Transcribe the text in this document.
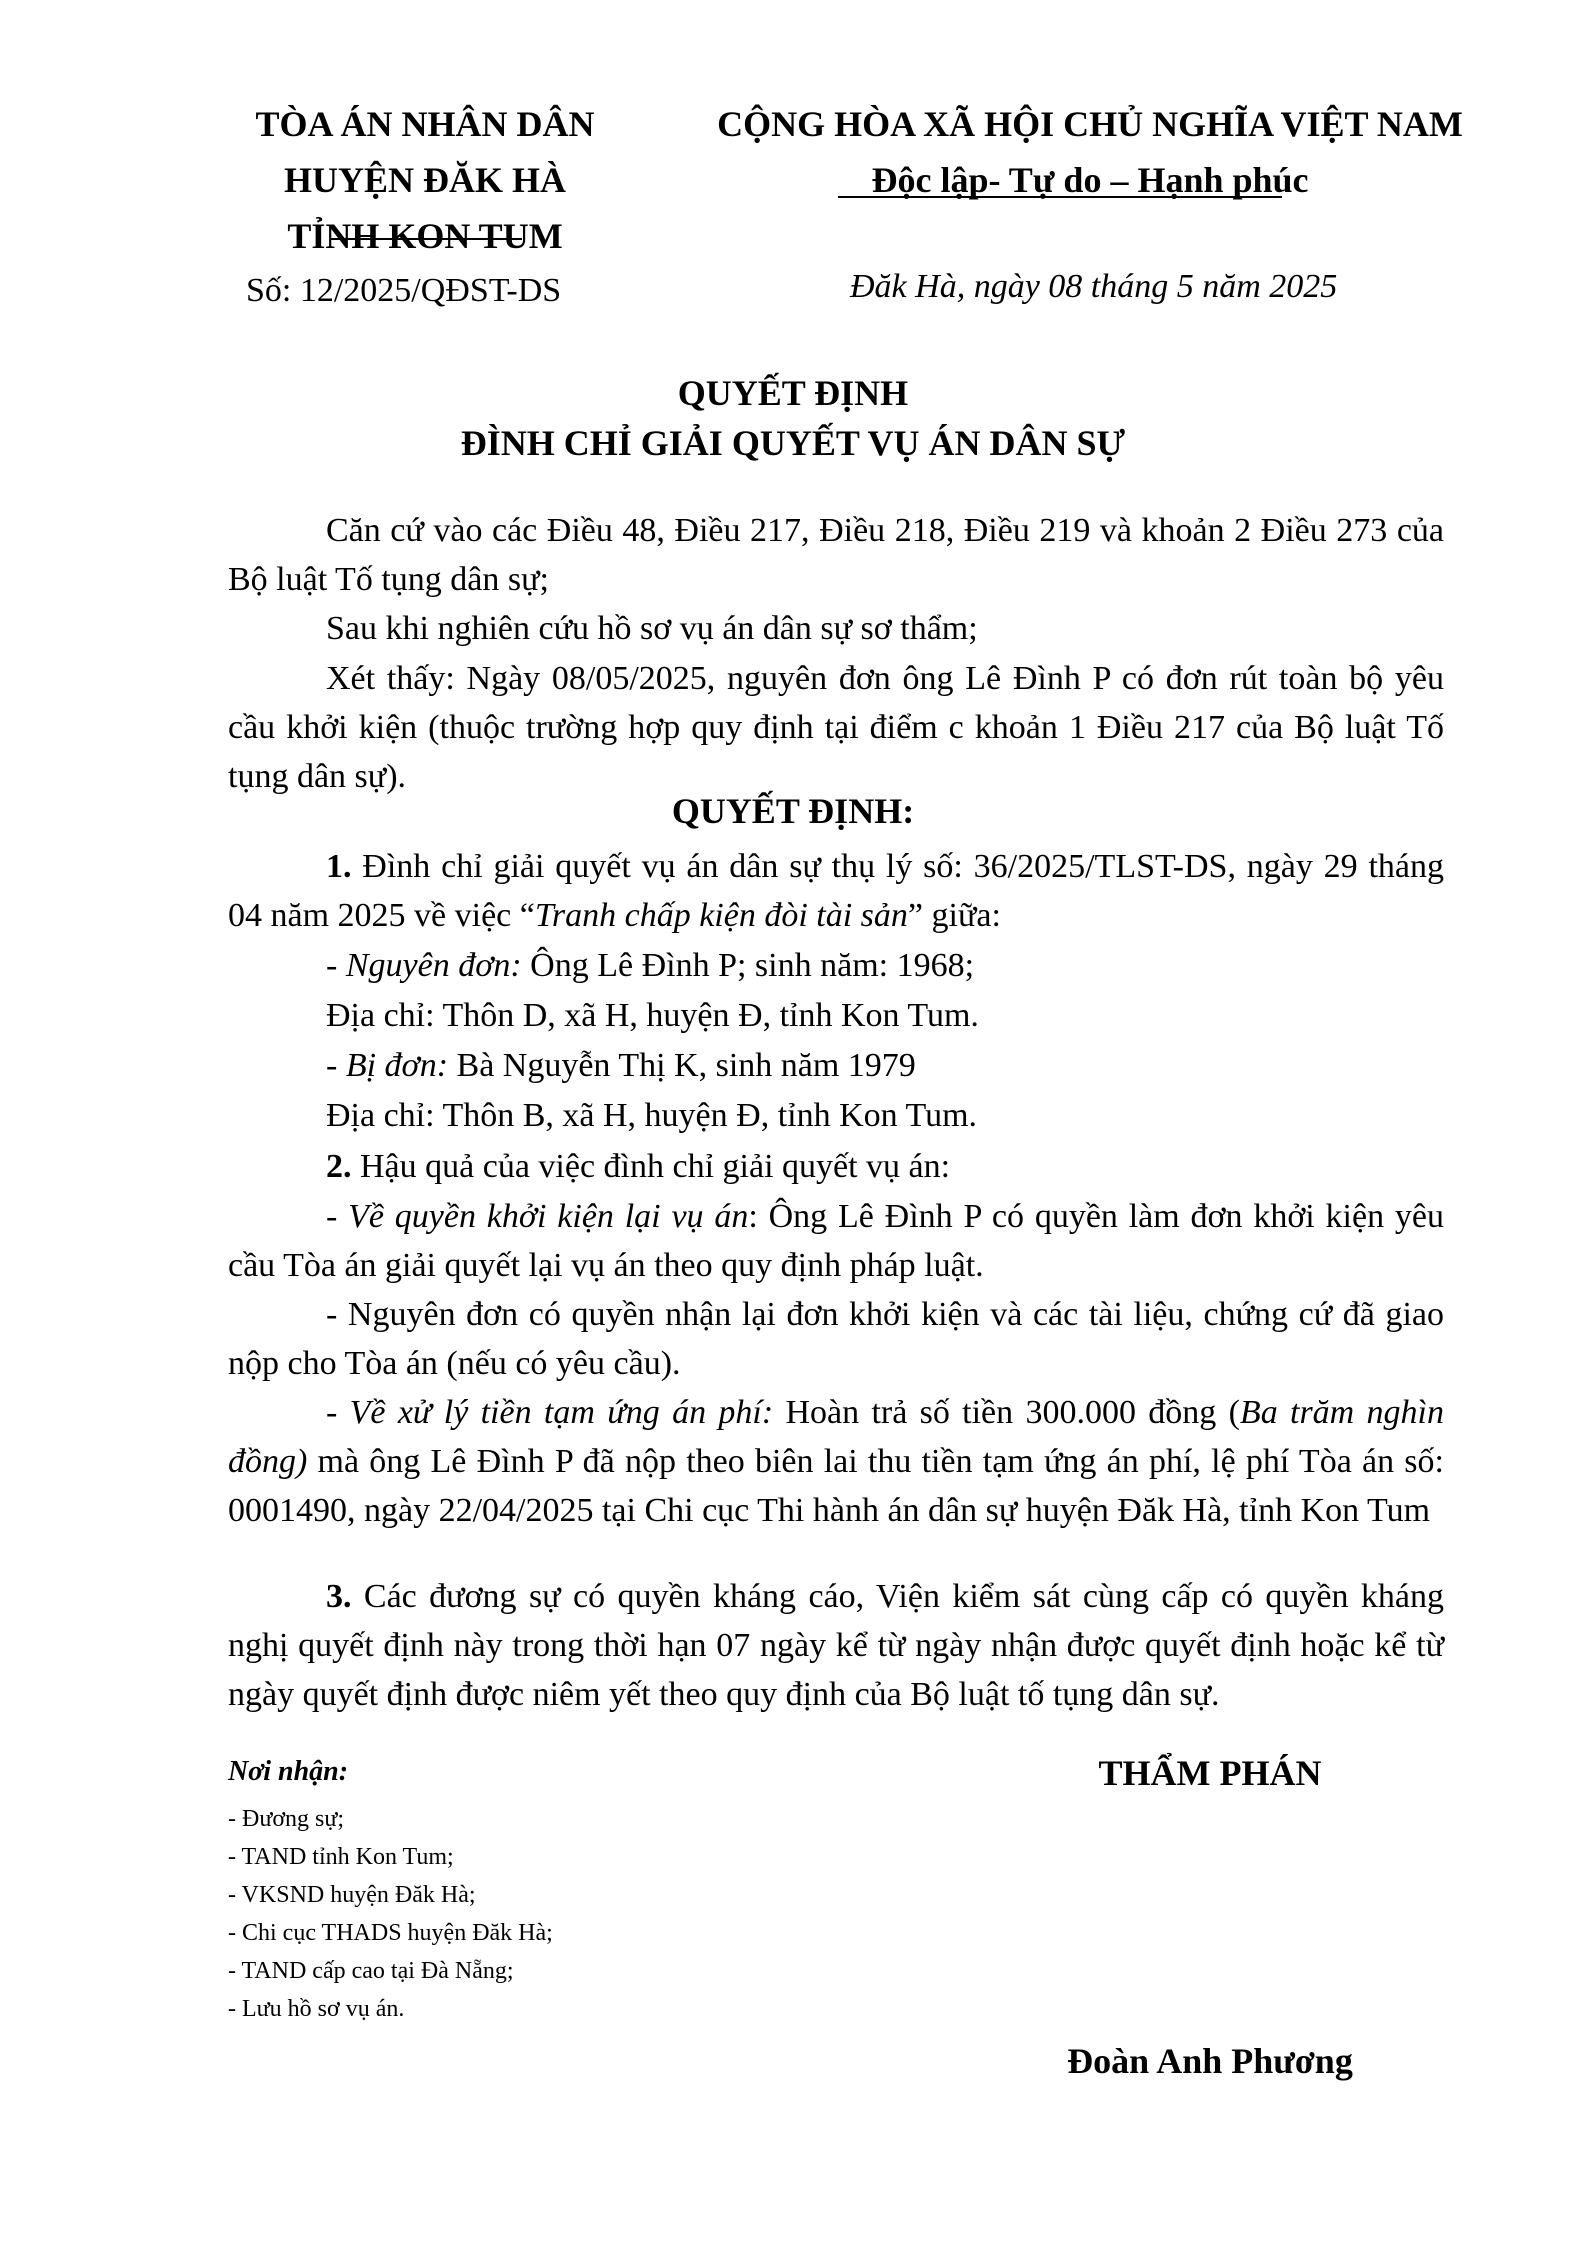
TÒA ÁN NHÂN DÂN
HUYỆN ĐĂK HÀ
TỈNH KON TUM
CỘNG HÒA XÃ HỘI CHỦ NGHĨA VIỆT NAM
Độc lập- Tự do – Hạnh phúc
Số: 12/2025/QĐST-DS	Đăk Hà, ngày 08 tháng 5 năm 2025
QUYẾT ĐỊNH
ĐÌNH CHỈ GIẢI QUYẾT VỤ ÁN DÂN SỰ

Căn cứ vào các Điều 48, Điều 217, Điều 218, Điều 219 và khoản 2 Điều 273 của Bộ luật Tố tụng dân sự;

Sau khi nghiên cứu hồ sơ vụ án dân sự sơ thẩm;

Xét thấy: Ngày 08/05/2025, nguyên đơn ông Lê Đình P có đơn rút toàn bộ yêu cầu khởi kiện (thuộc trường hợp quy định tại điểm c khoản 1 Điều 217 của Bộ luật Tố tụng dân sự).

QUYẾT ĐỊNH:

1. Đình chỉ giải quyết vụ án dân sự thụ lý số: 36/2025/TLST-DS, ngày 29 tháng 04 năm 2025 về việc “Tranh chấp kiện đòi tài sản” giữa:

- Nguyên đơn: Ông Lê Đình P; sinh năm: 1968;

Địa chỉ: Thôn D, xã H, huyện Đ, tỉnh Kon Tum.

- Bị đơn: Bà Nguyễn Thị K, sinh năm 1979

Địa chỉ: Thôn B, xã H, huyện Đ, tỉnh Kon Tum.

2. Hậu quả của việc đình chỉ giải quyết vụ án:

- Về quyền khởi kiện lại vụ án: Ông Lê Đình P có quyền làm đơn khởi kiện yêu cầu Tòa án giải quyết lại vụ án theo quy định pháp luật.

- Nguyên đơn có quyền nhận lại đơn khởi kiện và các tài liệu, chứng cứ đã giao nộp cho Tòa án (nếu có yêu cầu).

- Về xử lý tiền tạm ứng án phí: Hoàn trả số tiền 300.000 đồng (Ba trăm nghìn đồng) mà ông Lê Đình P đã nộp theo biên lai thu tiền tạm ứng án phí, lệ phí Tòa án số: 0001490, ngày 22/04/2025 tại Chi cục Thi hành án dân sự huyện Đăk Hà, tỉnh Kon Tum

3. Các đương sự có quyền kháng cáo, Viện kiểm sát cùng cấp có quyền kháng nghị quyết định này trong thời hạn 07 ngày kể từ ngày nhận được quyết định hoặc kể từ ngày quyết định được niêm yết theo quy định của Bộ luật tố tụng dân sự.

Nơi nhận:
- Đương sự;
- TAND tỉnh Kon Tum;
- VKSND huyện Đăk Hà;
- Chi cục THADS huyện Đăk Hà;
- TAND cấp cao tại Đà Nẵng;
- Lưu hồ sơ vụ án.
THẨM PHÁN
Đoàn Anh Phương
